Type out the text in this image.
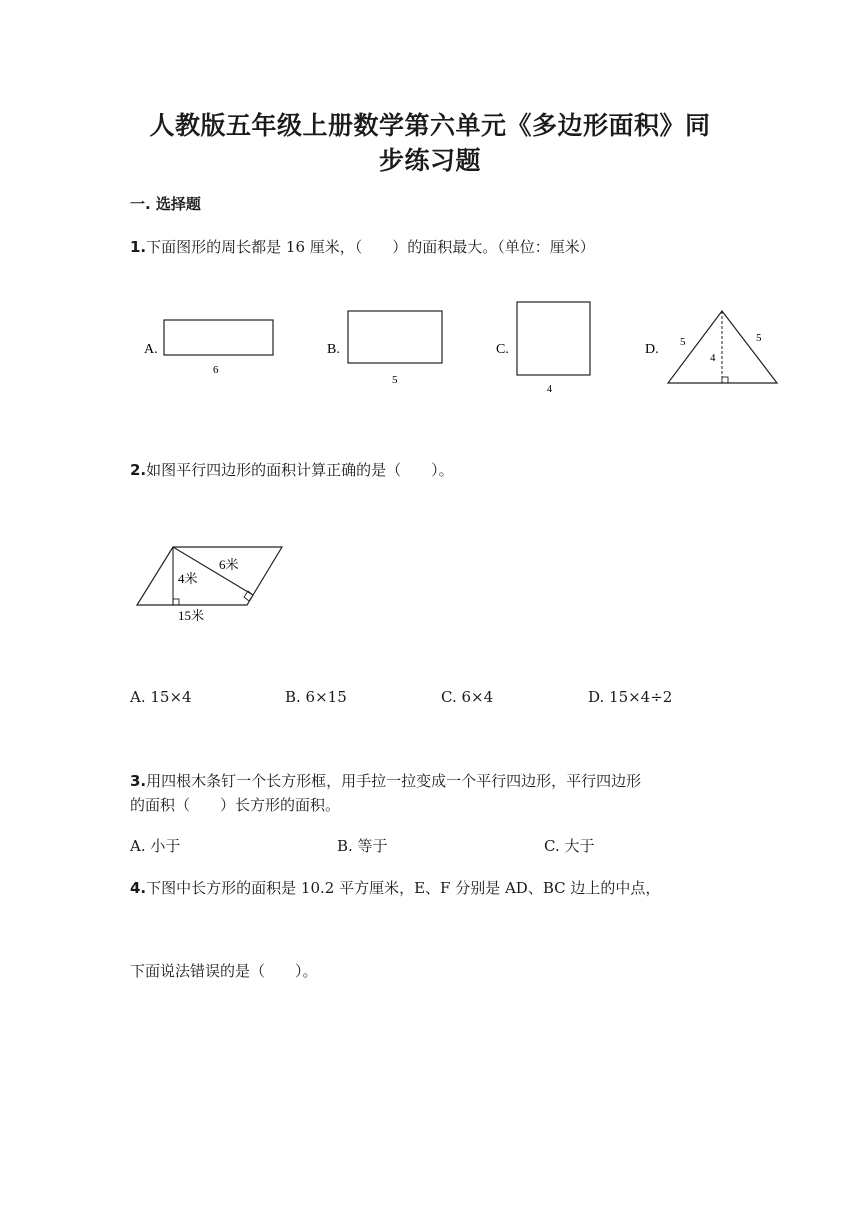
人教版五年级上册数学第六单元《多边形面积》同
步练习题
一. 选择题
1.下面图形的周长都是 16 厘米，（　　）的面积最大。（单位：厘米）
A.
6
B.
5
C.
4
D. 5	5
4
2.如图平行四边形的面积计算正确的是（　　）。
6米
4米
15米
A. 15×4	B. 6×15	C. 6×4	D. 15×4÷2
3.用四根木条钉一个长方形框，用手拉一拉变成一个平行四边形，平行四边形
的面积（　　）长方形的面积。
A. 小于	B. 等于	C. 大于
4.下图中长方形的面积是 10.2 平方厘米，E、F 分别是 AD、BC 边上的中点，
下面说法错误的是（　　）。
